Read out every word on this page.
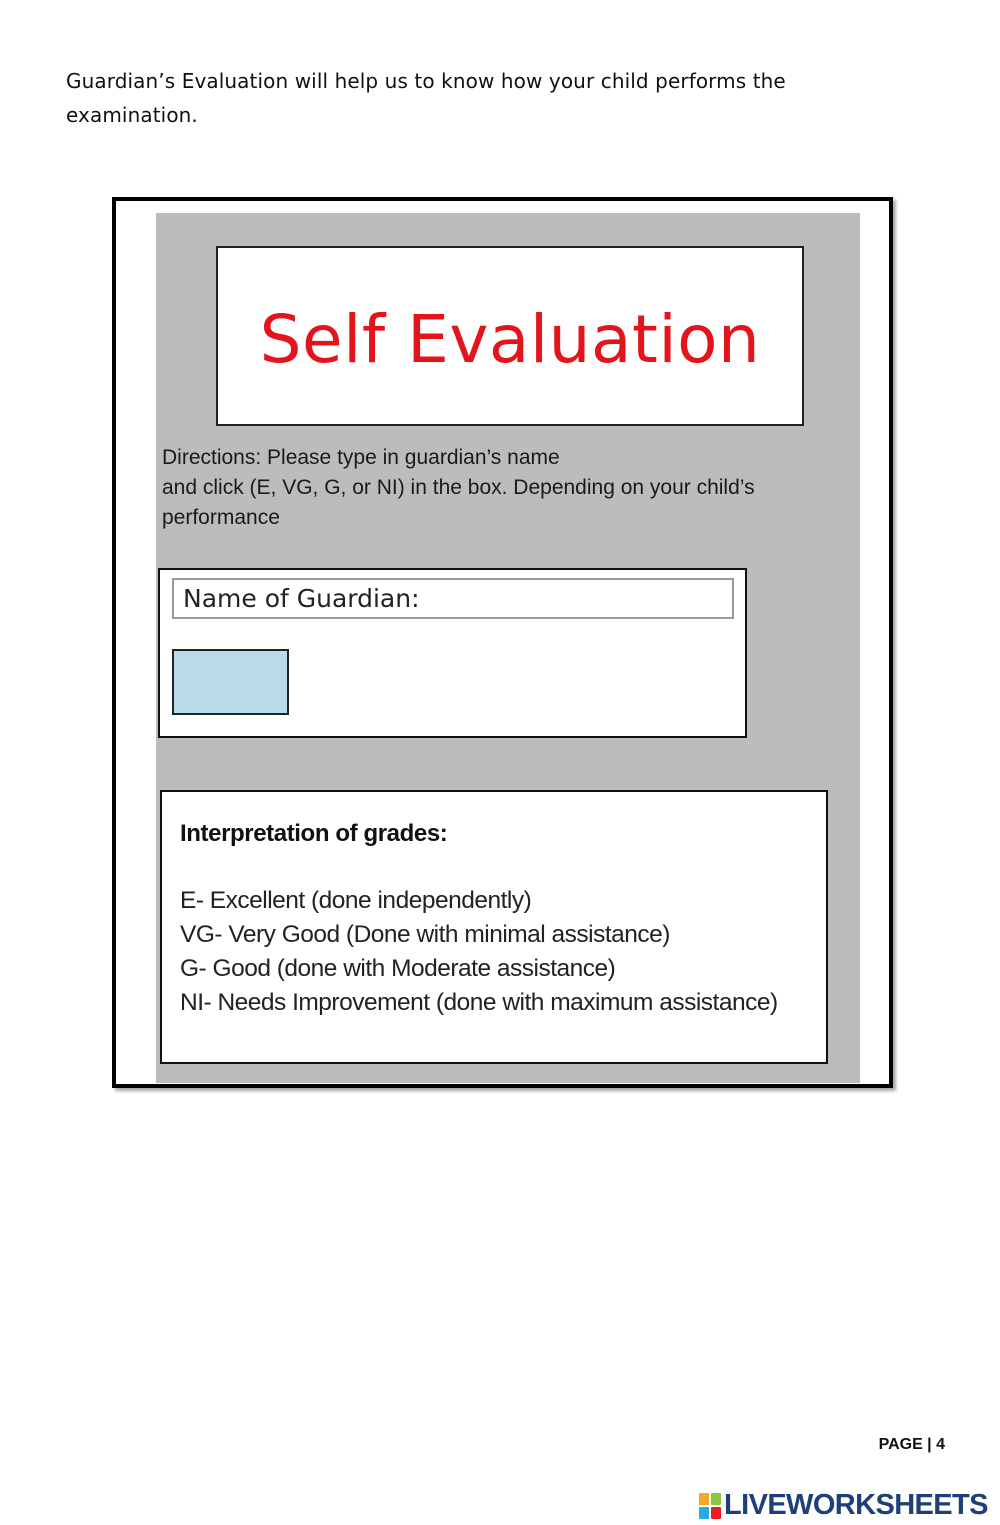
Guardian’s Evaluation will help us to know how your child performs the
examination.
Self Evaluation
Directions: Please type in guardian’s name
and click (E, VG, G, or NI) in the box. Depending on your child’s
performance
Name of Guardian:
Interpretation of grades:
E- Excellent (done independently)
VG- Very Good (Done with minimal assistance)
G- Good (done with Moderate assistance)
NI- Needs Improvement (done with maximum assistance)
PAGE | 4
LIVEWORKSHEETS
